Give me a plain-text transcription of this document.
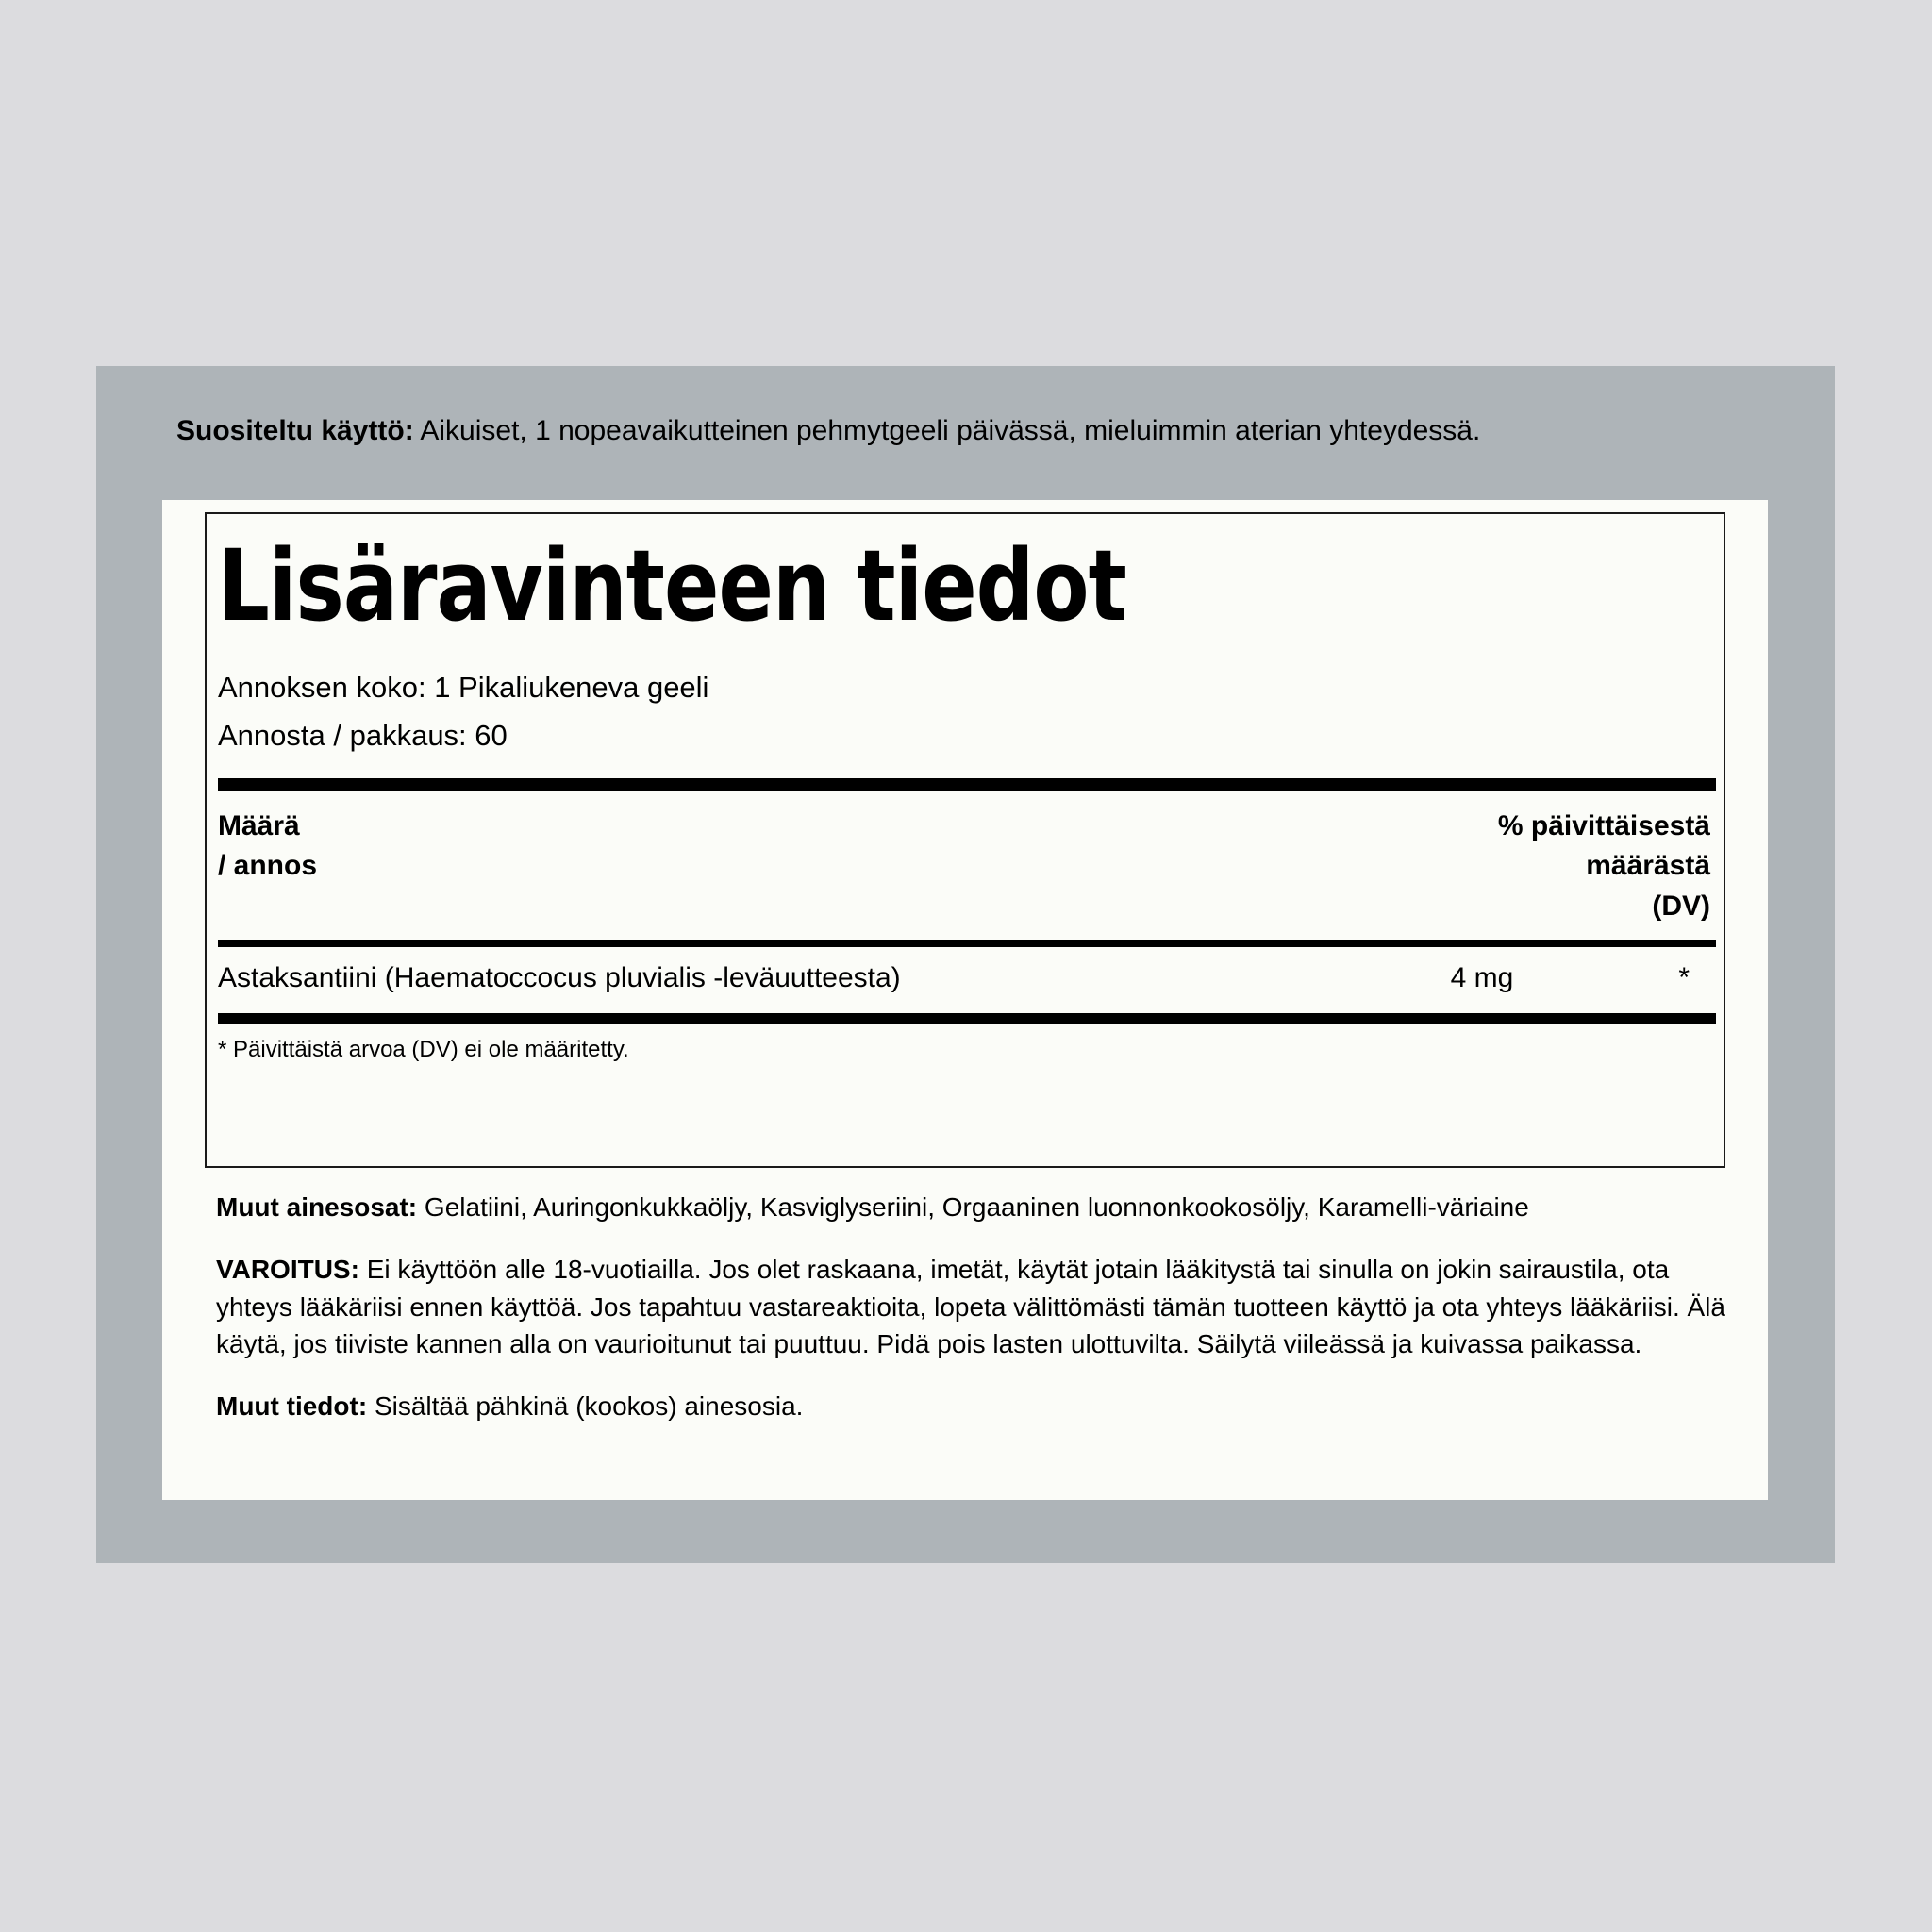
Suositeltu käyttö: Aikuiset, 1 nopeavaikutteinen pehmytgeeli päivässä, mieluimmin aterian yhteydessä.
Lisäravinteen tiedot
Annoksen koko: 1 Pikaliukeneva geeli
Annosta / pakkaus: 60
Määrä
/ annos
% päivittäisestä
määrästä
(DV)
Astaksantiini (Haematoccocus pluvialis -leväuutteesta)	4 mg	*
* Päivittäistä arvoa (DV) ei ole määritetty.
Muut ainesosat: Gelatiini, Auringonkukkaöljy, Kasviglyseriini, Orgaaninen luonnonkookosöljy, Karamelli-väriaine
VAROITUS: Ei käyttöön alle 18-vuotiailla. Jos olet raskaana, imetät, käytät jotain lääkitystä tai sinulla on jokin sairaustila, ota yhteys lääkäriisi ennen käyttöä. Jos tapahtuu vastareaktioita, lopeta välittömästi tämän tuotteen käyttö ja ota yhteys lääkäriisi. Älä käytä, jos tiiviste kannen alla on vaurioitunut tai puuttuu. Pidä pois lasten ulottuvilta. Säilytä viileässä ja kuivassa paikassa.
Muut tiedot: Sisältää pähkinä (kookos) ainesosia.
